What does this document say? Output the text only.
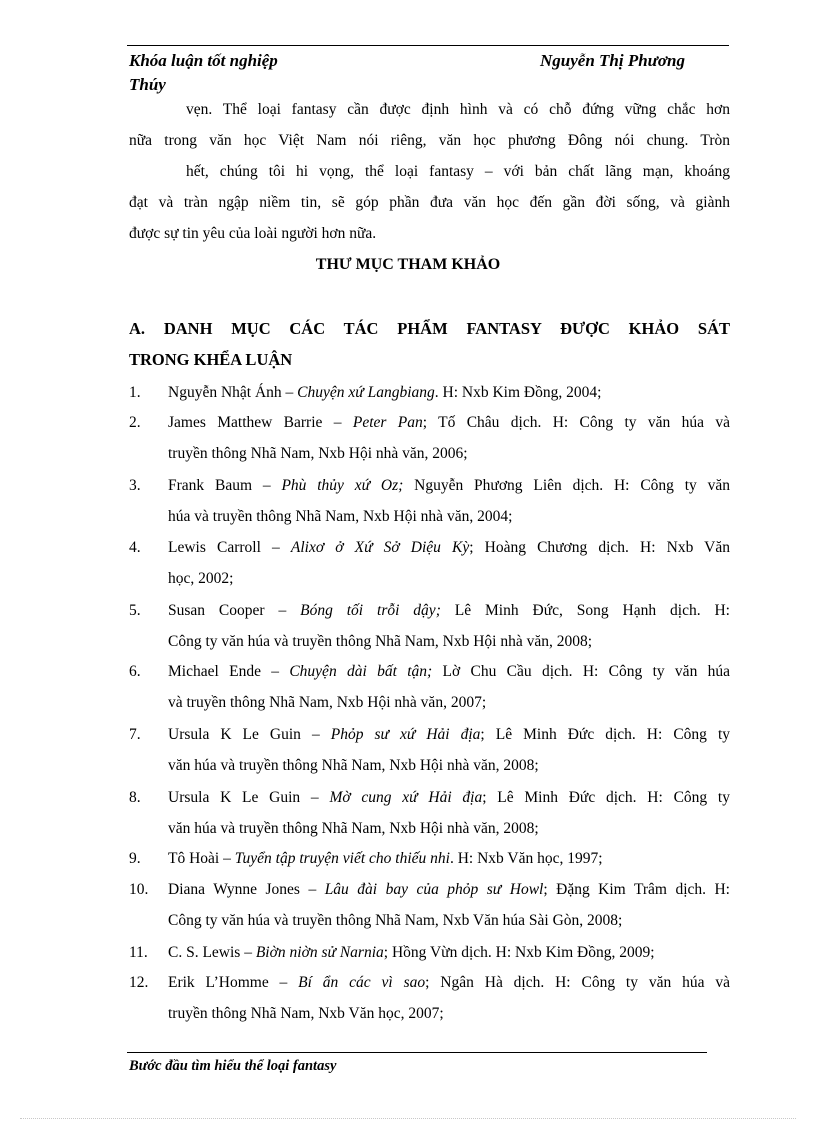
Khóa luận tốt nghiệp	Nguyễn Thị Phương
Thúy
vẹn. Thể loại fantasy cần được định hình và có chỗ đứng vững chắc hơn
nữa trong văn học Việt Nam nói riêng, văn học phương Đông nói chung. Tròn
hết, chúng tôi hi vọng, thể loại fantasy – với bản chất lãng mạn, khoáng
đạt và tràn ngập niềm tin, sẽ góp phần đưa văn học đến gần đời sống, và giành
được sự tin yêu của loài người hơn nữa.
THƯ MỤC THAM KHẢO
A. DANH MỤC CÁC TÁC PHẨM FANTASY ĐƯỢC KHẢO SÁT
TRONG KHỂA LUẬN
1. Nguyễn Nhật Ánh – Chuyện xứ Langbiang. H: Nxb Kim Đồng, 2004;
2. James Matthew Barrie – Peter Pan; Tố Châu dịch. H: Công ty văn húa và
truyền thông Nhã Nam, Nxb Hội nhà văn, 2006;
3. Frank Baum – Phù thủy xứ Oz; Nguyễn Phương Liên dịch. H: Công ty văn
húa và truyền thông Nhã Nam, Nxb Hội nhà văn, 2004;
4. Lewis Carroll – Alixơ ở Xứ Sở Diệu Kỳ; Hoàng Chương dịch. H: Nxb Văn
học, 2002;
5. Susan Cooper – Bóng tối trỗi dậy; Lê Minh Đức, Song Hạnh dịch. H:
Công ty văn húa và truyền thông Nhã Nam, Nxb Hội nhà văn, 2008;
6. Michael Ende – Chuyện dài bất tận; Lờ Chu Cầu dịch. H: Công ty văn húa
và truyền thông Nhã Nam, Nxb Hội nhà văn, 2007;
7. Ursula K Le Guin – Phỏp sư xứ Hải địa; Lê Minh Đức dịch. H: Công ty
văn húa và truyền thông Nhã Nam, Nxb Hội nhà văn, 2008;
8. Ursula K Le Guin – Mờ cung xứ Hải địa; Lê Minh Đức dịch. H: Công ty
văn húa và truyền thông Nhã Nam, Nxb Hội nhà văn, 2008;
9. Tô Hoài – Tuyển tập truyện viết cho thiếu nhi. H: Nxb Văn học, 1997;
10. Diana Wynne Jones – Lâu đài bay của phỏp sư Howl; Đặng Kim Trâm dịch. H:
Công ty văn húa và truyền thông Nhã Nam, Nxb Văn húa Sài Gòn, 2008;
11. C. S. Lewis – Biờn niờn sử Narnia; Hồng Vừn dịch. H: Nxb Kim Đồng, 2009;
12. Erik L’Homme – Bí ẩn các vì sao; Ngân Hà dịch. H: Công ty văn húa và
truyền thông Nhã Nam, Nxb Văn học, 2007;
Bước đầu tìm hiểu thể loại fantasy
